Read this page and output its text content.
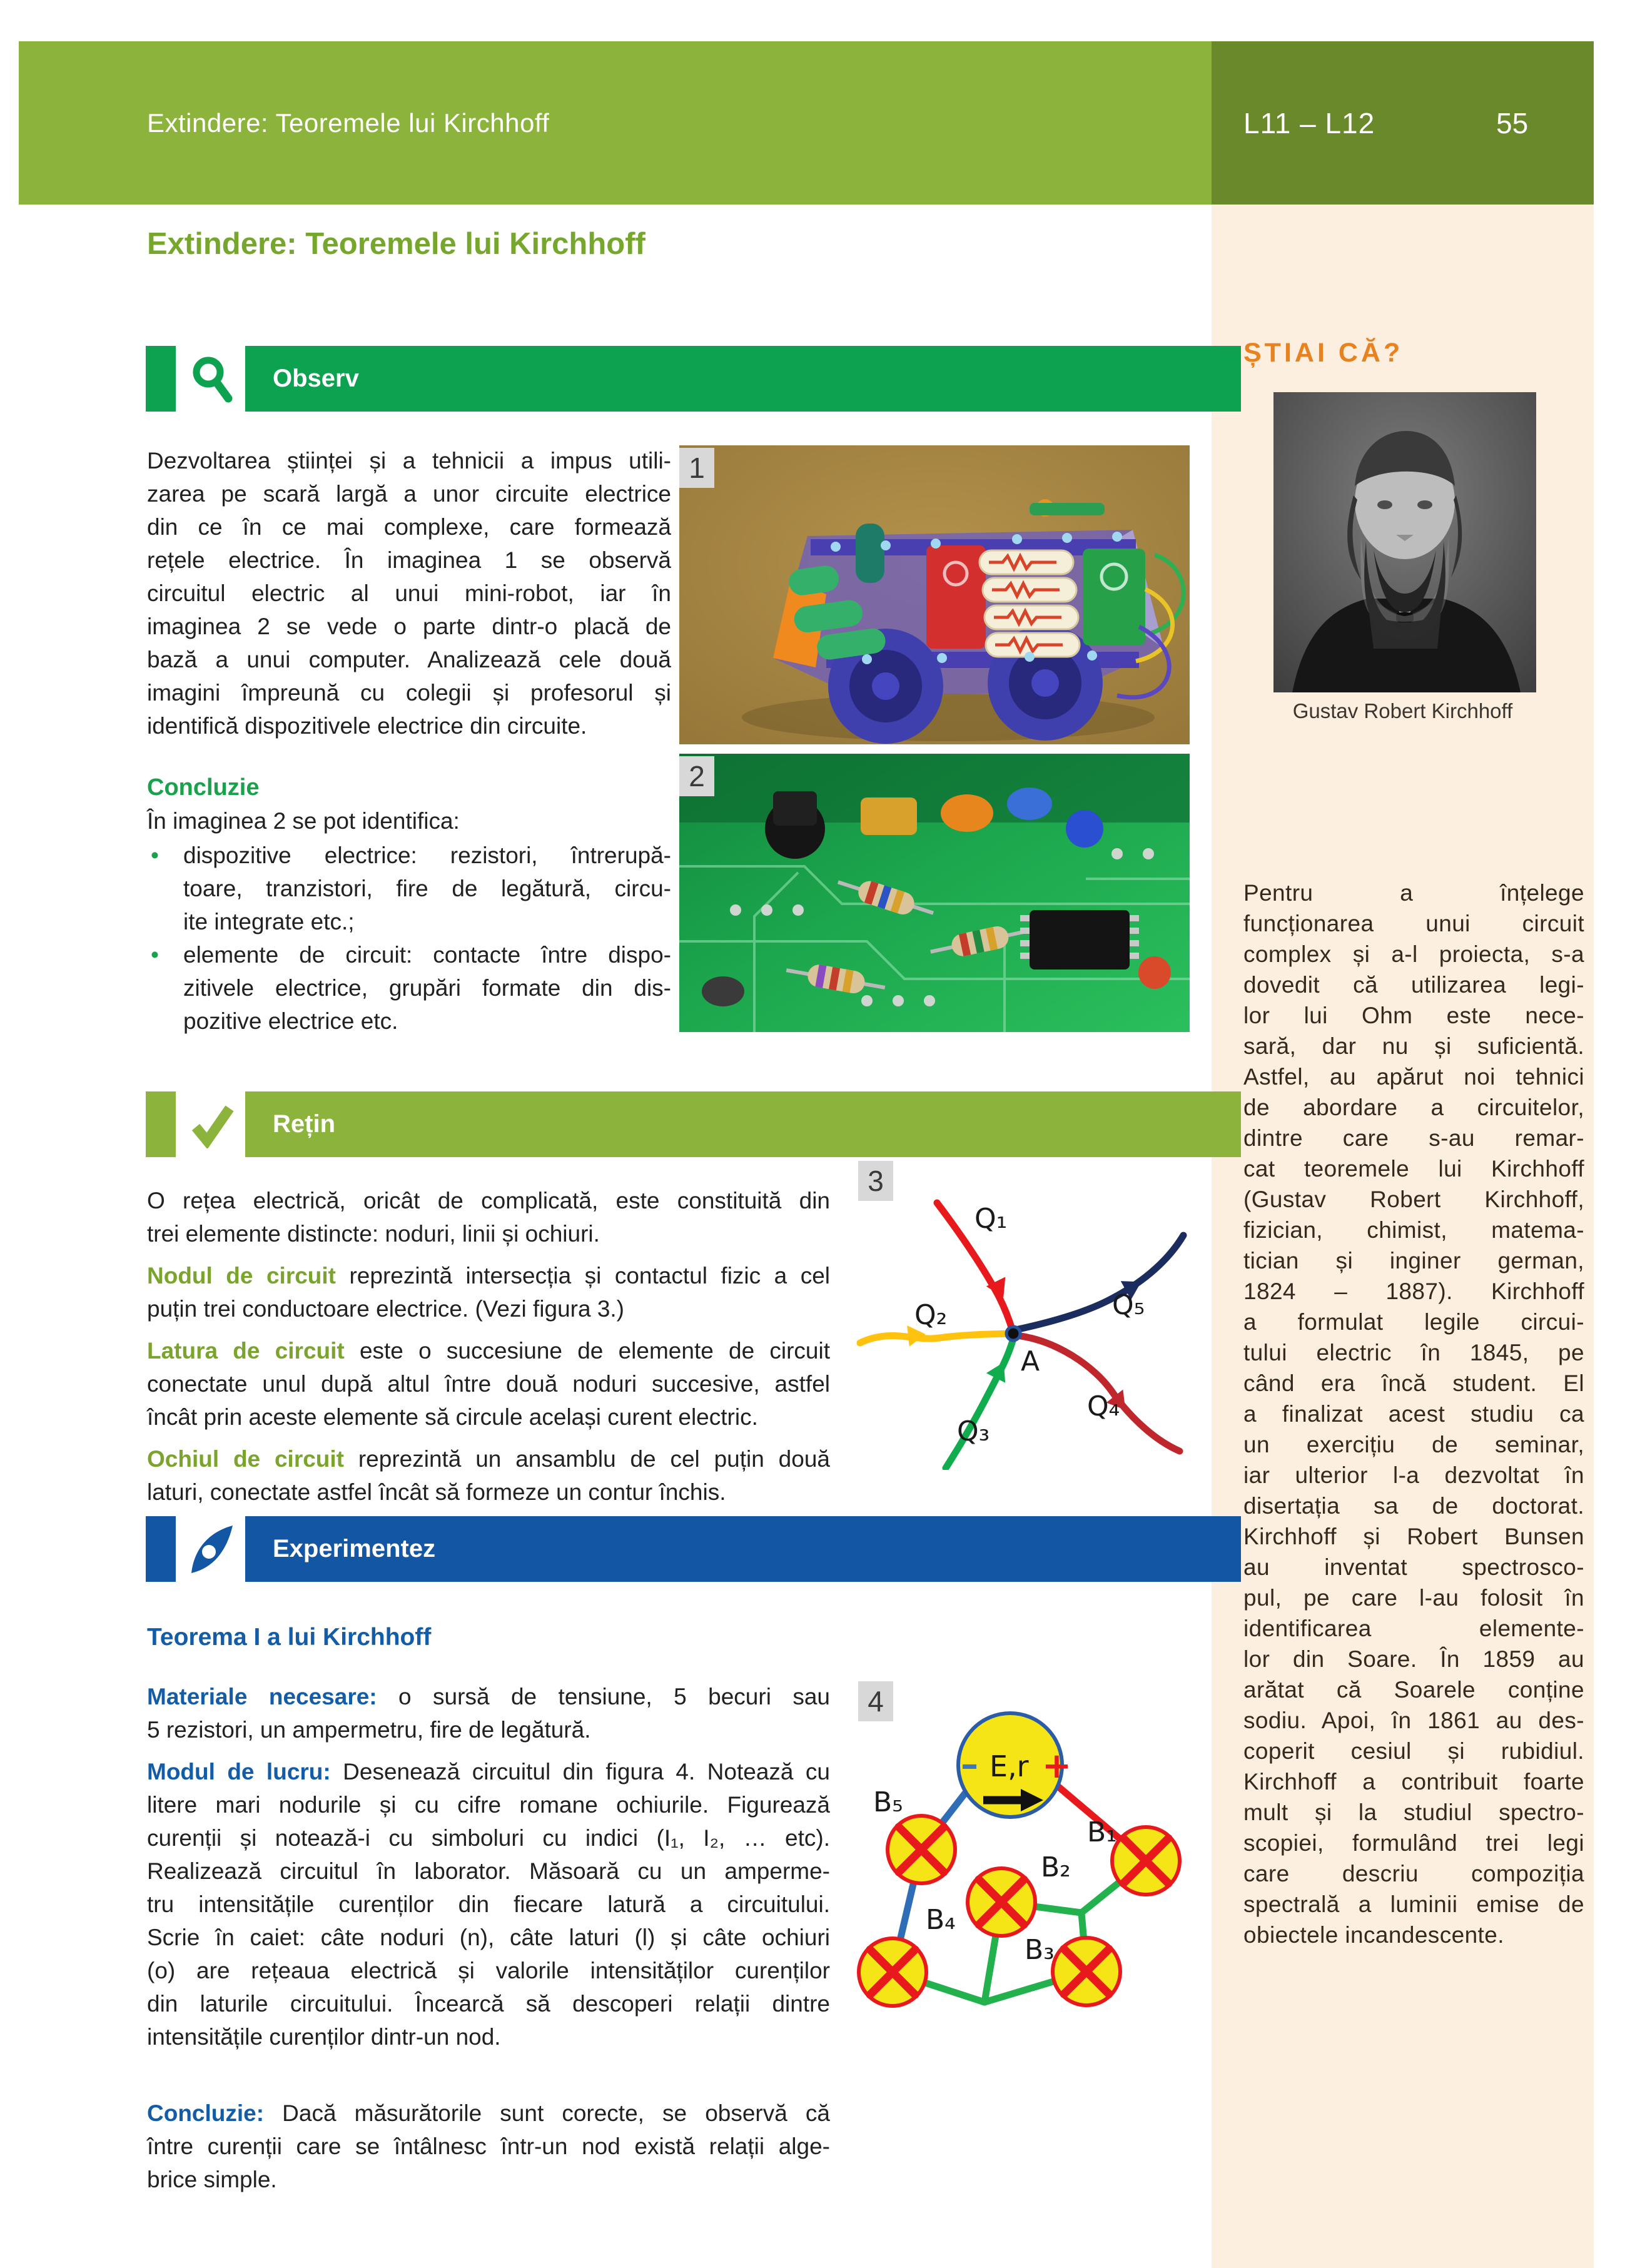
Extindere: Teoremele lui Kirchhoff	L11 – L12	55
ȘTIAI CĂ?
Gustav Robert Kirchhoff
Pentru a înțelege
funcționarea unui circuit
complex și a-l proiecta, s-a
dovedit că utilizarea legi-
lor lui Ohm este nece-
sară, dar nu și suficientă.
Astfel, au apărut noi tehnici
de abordare a circuitelor,
dintre care s-au remar-
cat teoremele lui Kirchhoff
(Gustav Robert Kirchhoff,
fizician, chimist, matema-
tician și inginer german,
1824 – 1887). Kirchhoff
a formulat legile circui-
tului electric în 1845, pe
când era încă student. El
a finalizat acest studiu ca
un exercițiu de seminar,
iar ulterior l-a dezvoltat în
disertația sa de doctorat.
Kirchhoff și Robert Bunsen
au inventat spectrosco-
pul, pe care l-au folosit în
identificarea elemente-
lor din Soare. În 1859 au
arătat că Soarele conține
sodiu. Apoi, în 1861 au des-
coperit cesiul și rubidiul.
Kirchhoff a contribuit foarte
mult și la studiul spectro-
scopiei, formulând trei legi
care descriu compoziția
spectrală a luminii emise de
obiectele incandescente.
Extindere: Teoremele lui Kirchhoff
Observ
Dezvoltarea științei și a tehnicii a impus utili-
zarea pe scară largă a unor circuite electrice
din ce în ce mai complexe, care formează
rețele electrice. În imaginea 1 se observă
circuitul electric al unui mini-robot, iar în
imaginea 2 se vede o parte dintr-o placă de
bază a unui computer. Analizează cele două
imagini împreună cu colegii și profesorul și
identifică dispozitivele electrice din circuite.
Concluzie
În imaginea 2 se pot identifica:
•	dispozitive electrice: rezistori, întrerupă-
toare, tranzistori, fire de legătură, circu-
ite integrate etc.;
•	elemente de circuit: contacte între dispo-
zitivele electrice, grupări formate din dis-
pozitive electrice etc.
1
2
Rețin
O rețea electrică, oricât de complicată, este constituită din
trei elemente distincte: noduri, linii și ochiuri.
Nodul de circuit reprezintă intersecția și contactul fizic a cel
puțin trei conductoare electrice. (Vezi figura 3.)
Latura de circuit este o succesiune de elemente de circuit
conectate unul după altul între două noduri succesive, astfel
încât prin aceste elemente să circule același curent electric.
Ochiul de circuit reprezintă un ansamblu de cel puțin două
laturi, conectate astfel încât să formeze un contur închis.
3
Q₁
Q₂
Q₃
Q₄
Q₅
A
Experimentez
Teorema I a lui Kirchhoff
Materiale necesare: o sursă de tensiune, 5 becuri sau
5 rezistori, un ampermetru, fire de legătură.
Modul de lucru: Desenează circuitul din figura 4. Notează cu
litere mari nodurile și cu cifre romane ochiurile. Figurează
curenții și notează-i cu simboluri cu indici (I₁, I₂, … etc).
Realizează circuitul în laborator. Măsoară cu un amperme-
tru intensitățile curenților din fiecare latură a circuitului.
Scrie în caiet: câte noduri (n), câte laturi (l) și câte ochiuri
(o) are rețeaua electrică și valorile intensităților curenților
din laturile circuitului. Încearcă să descoperi relații dintre
intensitățile curenților dintr-un nod.
Concluzie: Dacă măsurătorile sunt corecte, se observă că
între curenții care se întâlnesc într-un nod există relații alge-
brice simple.
4
E,r
– +
B₅
B₁
B₂
B₄
B₃
